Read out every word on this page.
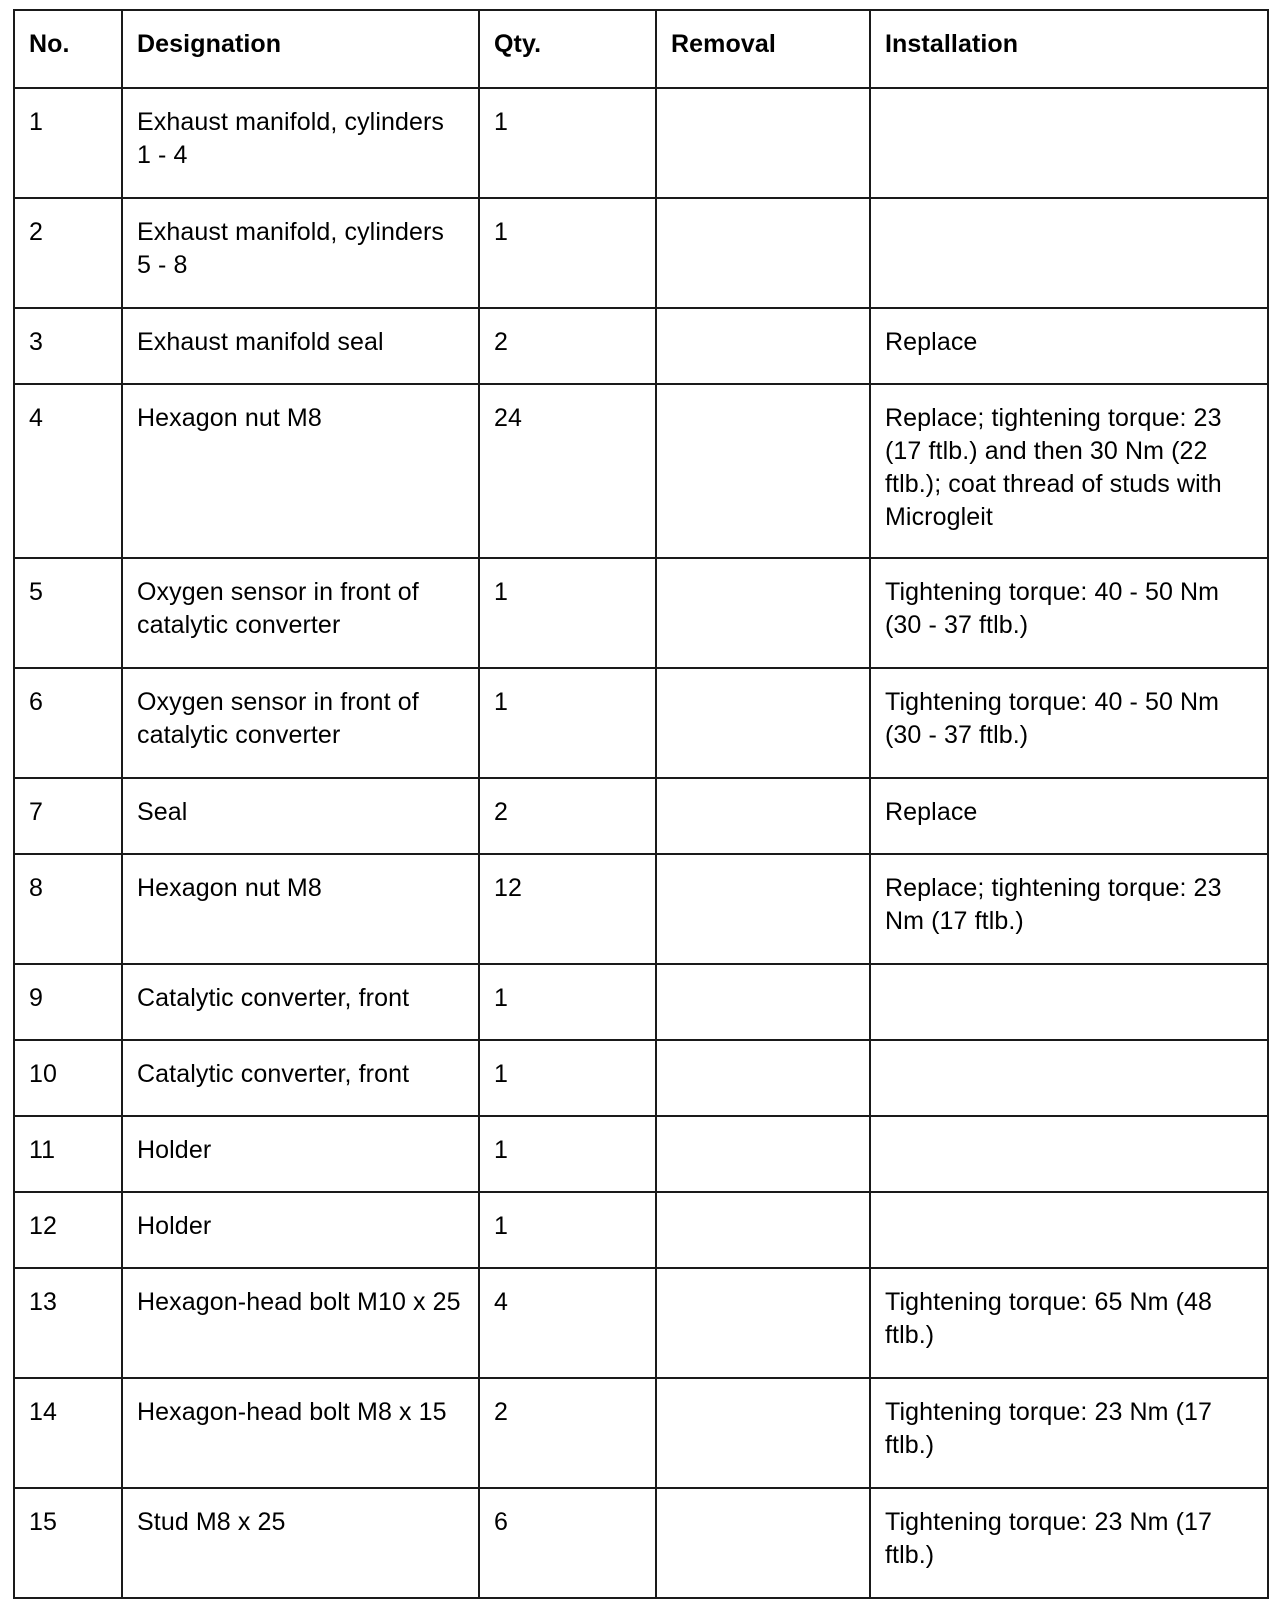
No.	Designation	Qty.	Removal	Installation
1	Exhaust manifold, cylinders 1 - 4	1		
2	Exhaust manifold, cylinders 5 - 8	1		
3	Exhaust manifold seal	2		Replace
4	Hexagon nut M8	24		Replace; tightening torque: 23 (17 ftlb.) and then 30 Nm (22 ftlb.); coat thread of studs with Microgleit
5	Oxygen sensor in front of catalytic converter	1		Tightening torque: 40 - 50 Nm (30 - 37 ftlb.)
6	Oxygen sensor in front of catalytic converter	1		Tightening torque: 40 - 50 Nm (30 - 37 ftlb.)
7	Seal	2		Replace
8	Hexagon nut M8	12		Replace; tightening torque: 23 Nm (17 ftlb.)
9	Catalytic converter, front	1		
10	Catalytic converter, front	1		
11	Holder	1		
12	Holder	1		
13	Hexagon-head bolt M10 x 25	4		Tightening torque: 65 Nm (48 ftlb.)
14	Hexagon-head bolt M8 x 15	2		Tightening torque: 23 Nm (17 ftlb.)
15	Stud M8 x 25	6		Tightening torque: 23 Nm (17 ftlb.)
